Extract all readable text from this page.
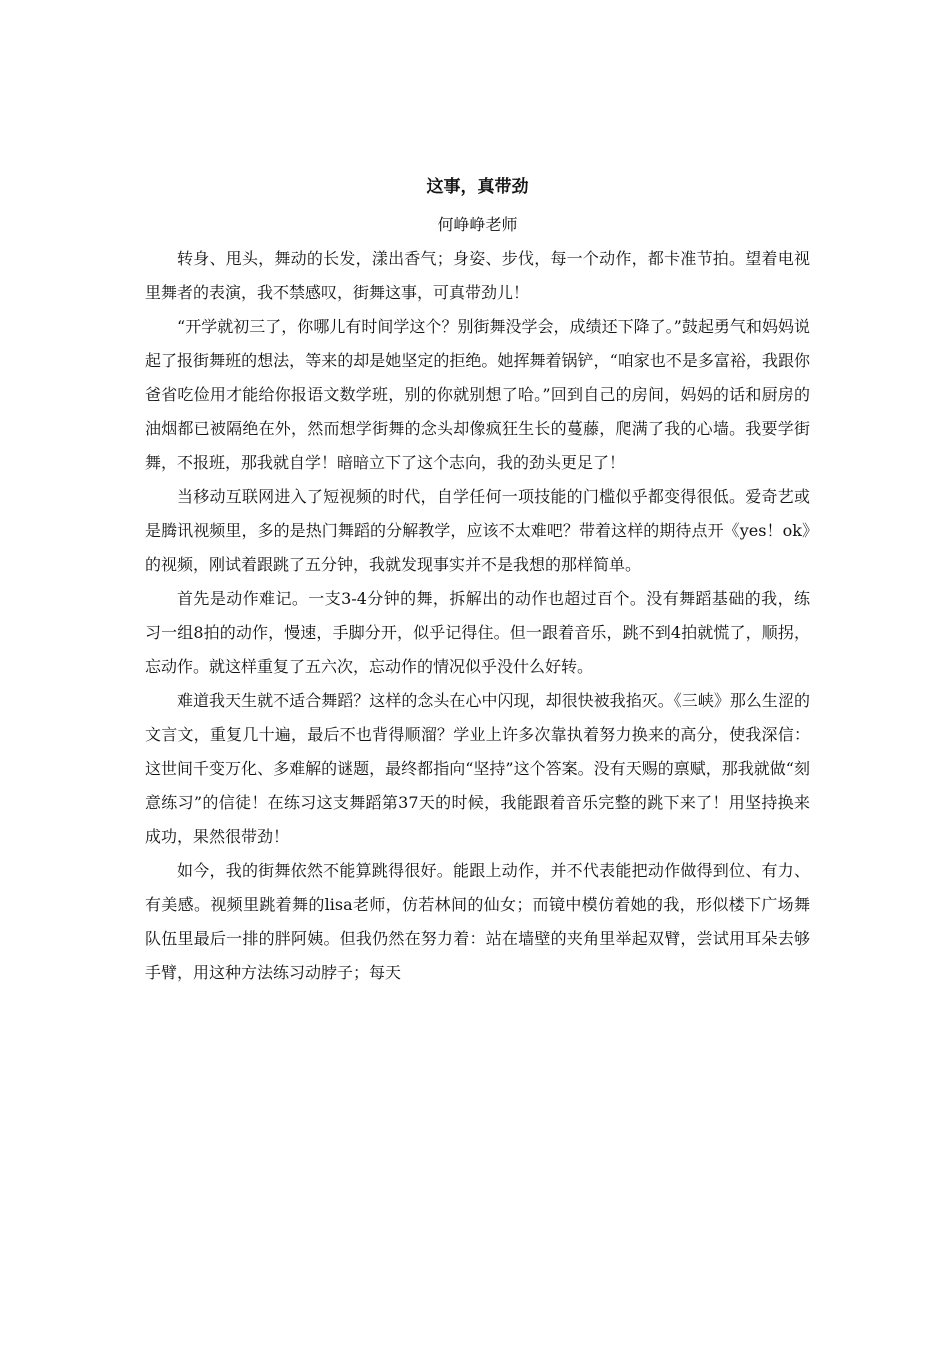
这事，真带劲

何峥峥老师

转身、甩头，舞动的长发，漾出香气；身姿、步伐，每一个动作，都卡准节拍。望着电视里舞者的表演，我不禁感叹，街舞这事，可真带劲儿！

“开学就初三了，你哪儿有时间学这个？别街舞没学会，成绩还下降了。”鼓起勇气和妈妈说起了报街舞班的想法，等来的却是她坚定的拒绝。她挥舞着锅铲，“咱家也不是多富裕，我跟你爸省吃俭用才能给你报语文数学班，别的你就别想了哈。”回到自己的房间，妈妈的话和厨房的油烟都已被隔绝在外，然而想学街舞的念头却像疯狂生长的蔓藤，爬满了我的心墙。我要学街舞，不报班，那我就自学！暗暗立下了这个志向，我的劲头更足了！

当移动互联网进入了短视频的时代，自学任何一项技能的门槛似乎都变得很低。爱奇艺或是腾讯视频里，多的是热门舞蹈的分解教学，应该不太难吧？带着这样的期待点开《yes！ok》的视频，刚试着跟跳了五分钟，我就发现事实并不是我想的那样简单。

首先是动作难记。一支3-4分钟的舞，拆解出的动作也超过百个。没有舞蹈基础的我，练习一组8拍的动作，慢速，手脚分开，似乎记得住。但一跟着音乐，跳不到4拍就慌了，顺拐，忘动作。就这样重复了五六次，忘动作的情况似乎没什么好转。

难道我天生就不适合舞蹈？这样的念头在心中闪现，却很快被我掐灭。《三峡》那么生涩的文言文，重复几十遍，最后不也背得顺溜？学业上许多次靠执着努力换来的高分，使我深信：这世间千变万化、多难解的谜题，最终都指向“坚持”这个答案。没有天赐的禀赋，那我就做“刻意练习”的信徒！在练习这支舞蹈第37天的时候，我能跟着音乐完整的跳下来了！用坚持换来成功，果然很带劲！

如今，我的街舞依然不能算跳得很好。能跟上动作，并不代表能把动作做得到位、有力、有美感。视频里跳着舞的lisa老师，仿若林间的仙女；而镜中模仿着她的我，形似楼下广场舞队伍里最后一排的胖阿姨。但我仍然在努力着：站在墙壁的夹角里举起双臂，尝试用耳朵去够手臂，用这种方法练习动脖子；每天
